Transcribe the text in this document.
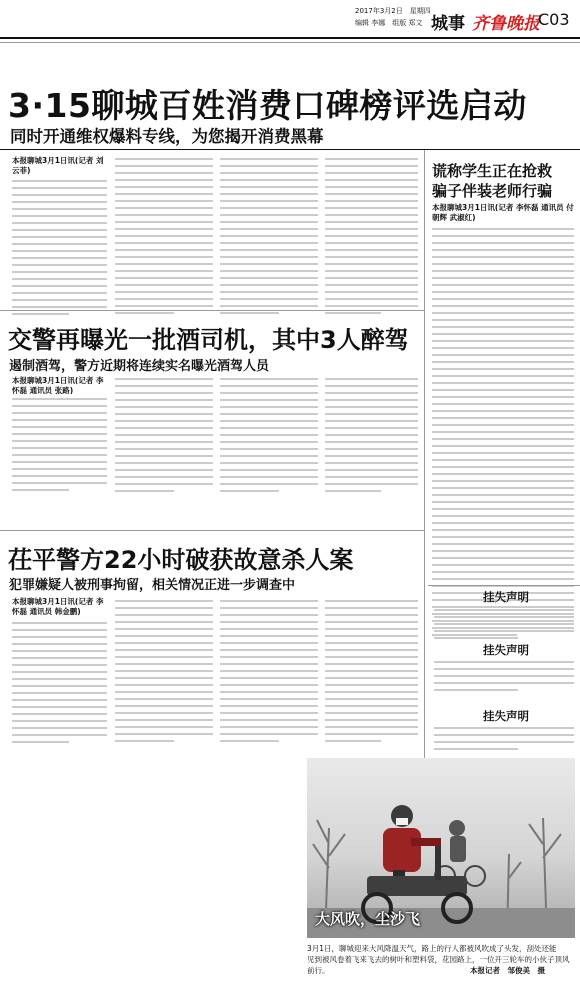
2017年3月2日　星期四
编辑 李娜　组版 郑文 城事 齐鲁晚报
C03
3·15聊城百姓消费口碑榜评选启动
同时开通维权爆料专线，为您揭开消费黑幕
本报聊城3月1日讯(记者 刘云菲)	谎称学生正在抢救
骗子伴装老师行骗
本报聊城3月1日讯(记者 李怀磊 通讯员 付朝辉 武淑红)
挂失声明
挂失声明
挂失声明
交警再曝光一批酒司机，其中3人醉驾
遏制酒驾，警方近期将连续实名曝光酒驾人员
本报聊城3月1日讯(记者 李怀磊 通讯员 张路)
茌平警方22小时破获故意杀人案
犯罪嫌疑人被刑事拘留，相关情况正进一步调查中
本报聊城3月1日讯(记者 李怀磊 通讯员 韩金鹏)
大风吹，尘沙飞
3月1日，聊城迎来大风降温天气，路上的行人都被风吹成了头发，刮处还能
见到被风卷着飞来飞去的树叶和塑料袋，花园路上，一位开三轮车的小伙子顶风
前行。	本报记者　邹俊美　摄
